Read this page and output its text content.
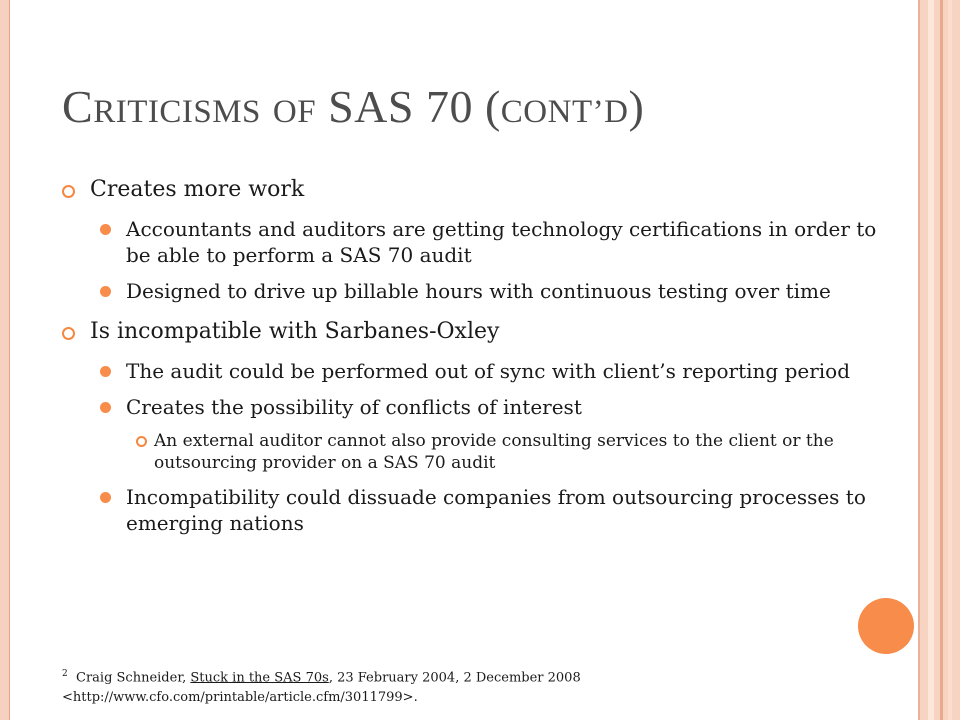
CRITICISMS OF SAS 70 (CONT’D)
Creates more work
Accountants and auditors are getting technology certifications in order to be able to perform a SAS 70 audit
Designed to drive up billable hours with continuous testing over time
Is incompatible with Sarbanes-Oxley
The audit could be performed out of sync with client’s reporting period
Creates the possibility of conflicts of interest
An external auditor cannot also provide consulting services to the client or the outsourcing provider on a SAS 70 audit
Incompatibility could dissuade companies from outsourcing processes to emerging nations
$^2$ Craig Schneider, Stuck in the SAS 70s, 23 February 2004, 2 December 2008
<http://www.cfo.com/printable/article.cfm/3011799>.
